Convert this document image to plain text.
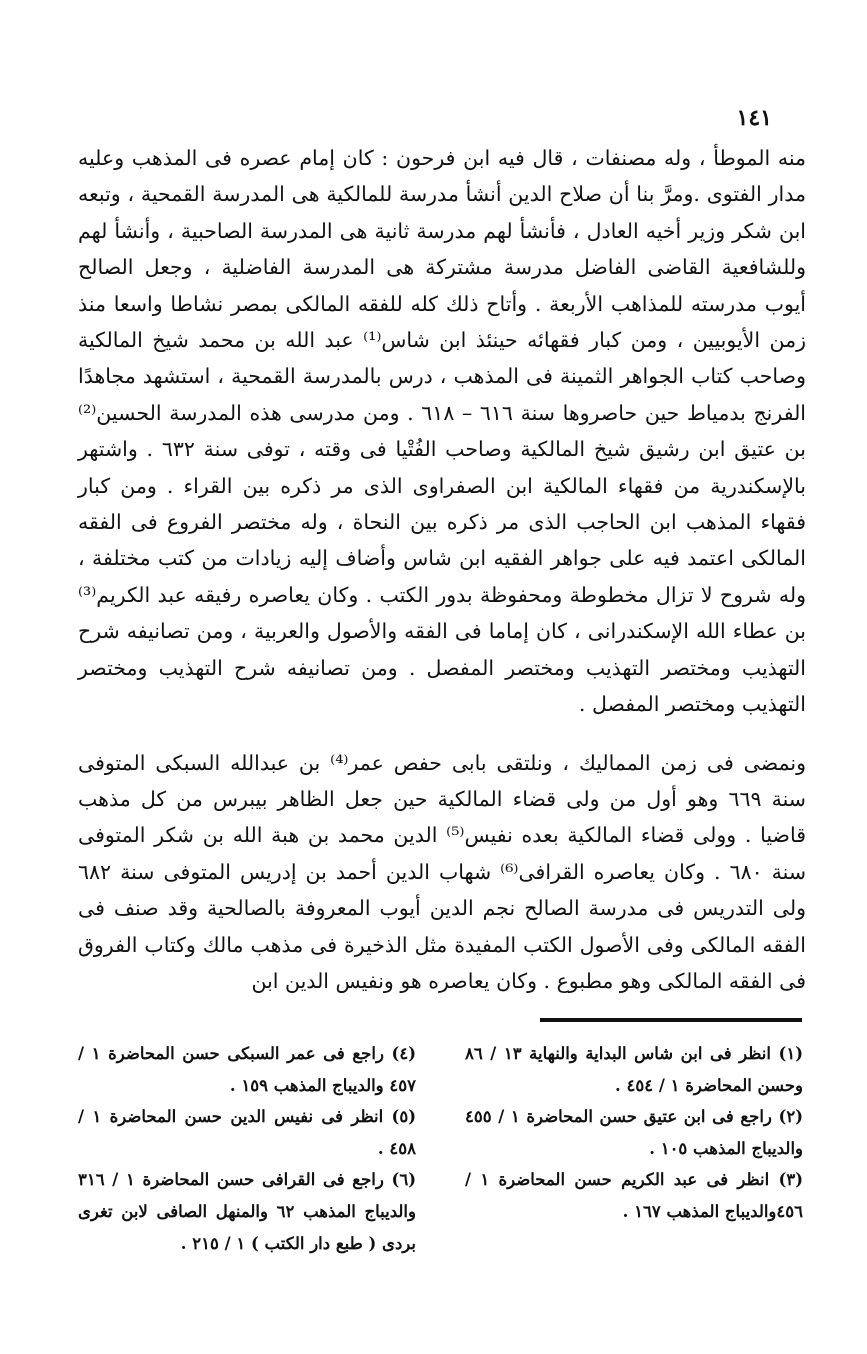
١٤١

منه الموطأ ، وله مصنفات ، قال فيه ابن فرحون : كان إمام عصره فى المذهب وعليه مدار الفتوى .ومرَّ بنا أن صلاح الدين أنشأ مدرسة للمالكية هى المدرسة القمحية ، وتبعه ابن شكر وزير أخيه العادل ، فأنشأ لهم مدرسة ثانية هى المدرسة الصاحبية ، وأنشأ لهم وللشافعية القاضى الفاضل مدرسة مشتركة هى المدرسة الفاضلية ، وجعل الصالح أيوب مدرسته للمذاهب الأربعة . وأتاح ذلك كله للفقه المالكى بمصر نشاطا واسعا منذ زمن الأيوبيين ، ومن كبار فقهائه حينئذ ابن شاس⁽¹⁾ عبد الله بن محمد شيخ المالكية وصاحب كتاب الجواهر الثمينة فى المذهب ، درس بالمدرسة القمحية ، استشهد مجاهدًا الفرنج بدمياط حين حاصروها سنة ٦١٦ – ٦١٨ . ومن مدرسى هذه المدرسة الحسين⁽²⁾ بن عتيق ابن رشيق شيخ المالكية وصاحب الفُتْيا فى وقته ، توفى سنة ٦٣٢ . واشتهر بالإسكندرية من فقهاء المالكية ابن الصفراوى الذى مر ذكره بين القراء . ومن كبار فقهاء المذهب ابن الحاجب الذى مر ذكره بين النحاة ، وله مختصر الفروع فى الفقه المالكى اعتمد فيه على جواهر الفقيه ابن شاس وأضاف إليه زيادات من كتب مختلفة ، وله شروح لا تزال مخطوطة ومحفوظة بدور الكتب . وكان يعاصره رفيقه عبد الكريم⁽³⁾ بن عطاء الله الإسكندرانى ، كان إماما فى الفقه والأصول والعربية ، ومن تصانيفه شرح التهذيب ومختصر التهذيب ومختصر المفصل . ومن تصانيفه شرح التهذيب ومختصر التهذيب ومختصر المفصل .

ونمضى فى زمن المماليك ، ونلتقى بابى حفص عمر⁽⁴⁾ بن عبدالله السبكى المتوفى سنة ٦٦٩ وهو أول من ولى قضاء المالكية حين جعل الظاهر بيبرس من كل مذهب قاضيا . وولى قضاء المالكية بعده نفيس⁽⁵⁾ الدين محمد بن هبة الله بن شكر المتوفى سنة ٦٨٠ . وكان يعاصره القرافى⁽⁶⁾ شهاب الدين أحمد بن إدريس المتوفى سنة ٦٨٢ ولى التدريس فى مدرسة الصالح نجم الدين أيوب المعروفة بالصالحية وقد صنف فى الفقه المالكى وفى الأصول الكتب المفيدة مثل الذخيرة فى مذهب مالك وكتاب الفروق فى الفقه المالكى وهو مطبوع . وكان يعاصره هو ونفيس الدين ابن

(١) انظر فى ابن شاس البداية والنهاية ١٣ / ٨٦ وحسن المحاضرة ١ / ٤٥٤ .

(٢) راجع فى ابن عتيق حسن المحاضرة ١ / ٤٥٥ والديباج المذهب ١٠٥ .

(٣) انظر فى عبد الكريم حسن المحاضرة ١ / ٤٥٦والديباج المذهب ١٦٧ .

(٤) راجع فى عمر السبكى حسن المحاضرة ١ / ٤٥٧ والديباج المذهب ١٥٩ .

(٥) انظر فى نفيس الدين حسن المحاضرة ١ / ٤٥٨ .

(٦) راجع فى القرافى حسن المحاضرة ١ / ٣١٦ والديباج المذهب ٦٢ والمنهل الصافى لابن تغرى بردى ( طبع دار الكتب ) ١ / ٢١٥ .
